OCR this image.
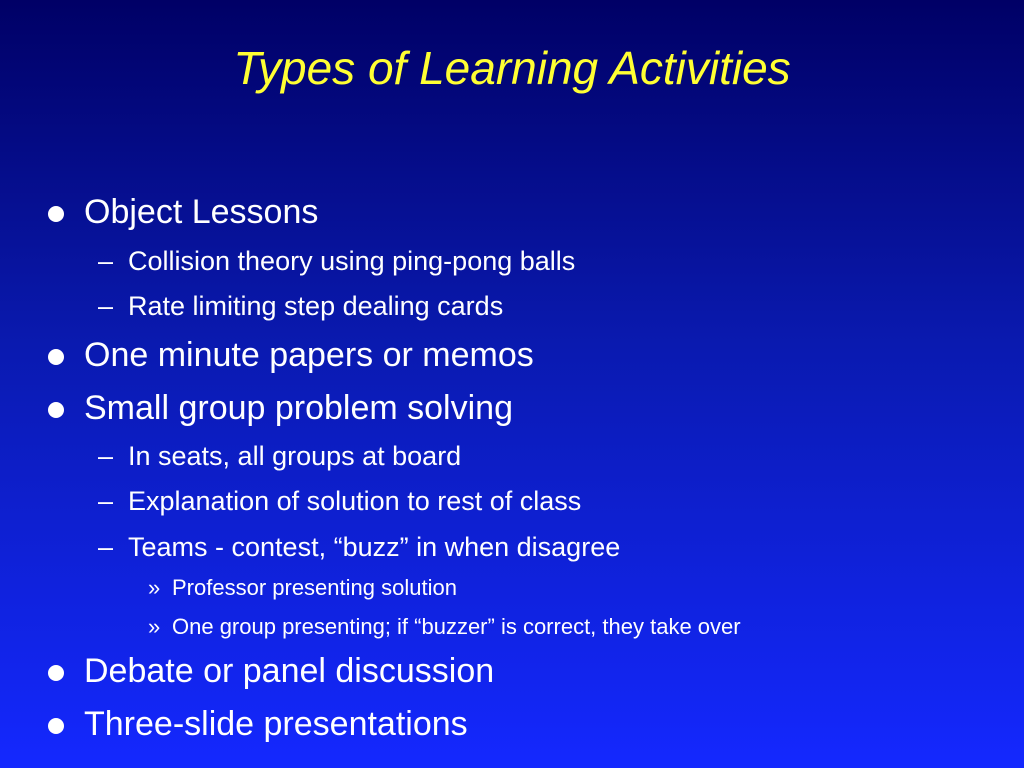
Types of Learning Activities
Object Lessons
– Collision theory using ping-pong balls
– Rate limiting step dealing cards
One minute papers or memos
Small group problem solving
– In seats, all groups at board
– Explanation of solution to rest of class
– Teams - contest, “buzz” in when disagree
» Professor presenting solution
» One group presenting; if “buzzer” is correct, they take over
Debate or panel discussion
Three-slide presentations
